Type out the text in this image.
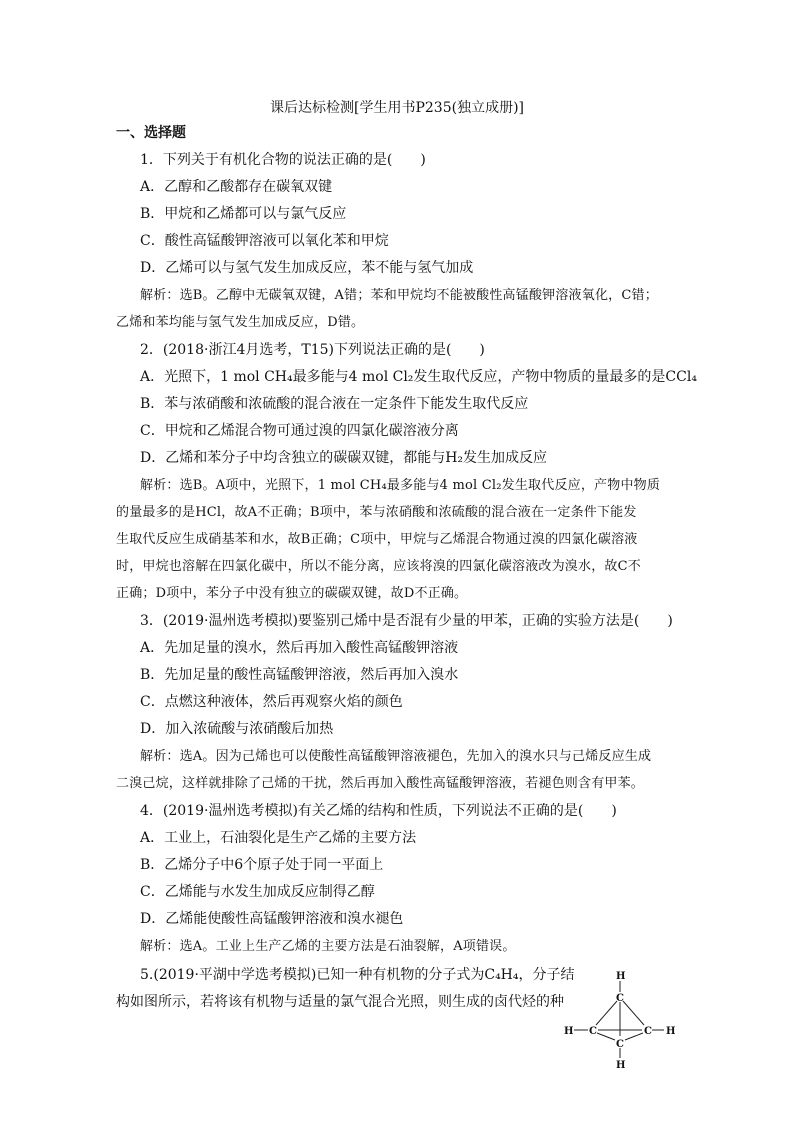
课后达标检测[学生用书P235(独立成册)]
一、选择题
1．下列关于有机化合物的说法正确的是(　　)
A．乙醇和乙酸都存在碳氧双键
B．甲烷和乙烯都可以与氯气反应
C．酸性高锰酸钾溶液可以氧化苯和甲烷
D．乙烯可以与氢气发生加成反应，苯不能与氢气加成
解析：选B。乙醇中无碳氧双键，A错；苯和甲烷均不能被酸性高锰酸钾溶液氧化，C错；
乙烯和苯均能与氢气发生加成反应，D错。
2．(2018·浙江4月选考，T15)下列说法正确的是(　　)
A．光照下，1 mol CH₄最多能与4 mol Cl₂发生取代反应，产物中物质的量最多的是CCl₄
B．苯与浓硝酸和浓硫酸的混合液在一定条件下能发生取代反应
C．甲烷和乙烯混合物可通过溴的四氯化碳溶液分离
D．乙烯和苯分子中均含独立的碳碳双键，都能与H₂发生加成反应
解析：选B。A项中，光照下，1 mol CH₄最多能与4 mol Cl₂发生取代反应，产物中物质
的量最多的是HCl，故A不正确；B项中，苯与浓硝酸和浓硫酸的混合液在一定条件下能发
生取代反应生成硝基苯和水，故B正确；C项中，甲烷与乙烯混合物通过溴的四氯化碳溶液
时，甲烷也溶解在四氯化碳中，所以不能分离，应该将溴的四氯化碳溶液改为溴水，故C不
正确；D项中，苯分子中没有独立的碳碳双键，故D不正确。
3．(2019·温州选考模拟)要鉴别己烯中是否混有少量的甲苯，正确的实验方法是(　　)
A．先加足量的溴水，然后再加入酸性高锰酸钾溶液
B．先加足量的酸性高锰酸钾溶液，然后再加入溴水
C．点燃这种液体，然后再观察火焰的颜色
D．加入浓硫酸与浓硝酸后加热
解析：选A。因为己烯也可以使酸性高锰酸钾溶液褪色，先加入的溴水只与己烯反应生成
二溴己烷，这样就排除了己烯的干扰，然后再加入酸性高锰酸钾溶液，若褪色则含有甲苯。
4．(2019·温州选考模拟)有关乙烯的结构和性质，下列说法不正确的是(　　)
A．工业上，石油裂化是生产乙烯的主要方法
B．乙烯分子中6个原子处于同一平面上
C．乙烯能与水发生加成反应制得乙醇
D．乙烯能使酸性高锰酸钾溶液和溴水褪色
解析：选A。工业上生产乙烯的主要方法是石油裂解，A项错误。
5.(2019·平湖中学选考模拟)已知一种有机物的分子式为C₄H₄，分子结
构如图所示，若将该有机物与适量的氯气混合光照，则生成的卤代烃的种
H
C
H C	C H
C
H
